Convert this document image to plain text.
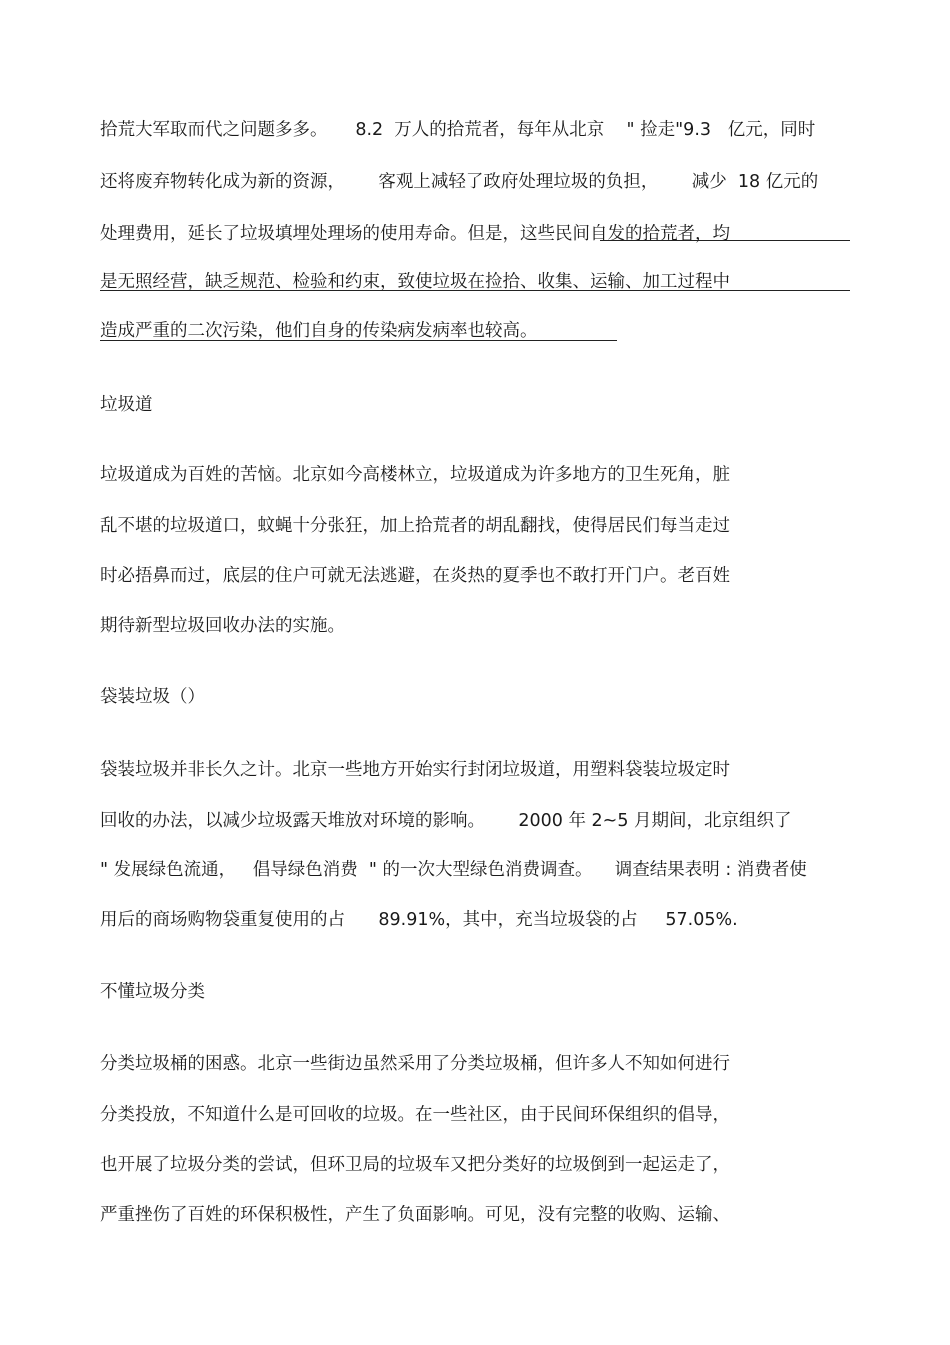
拾荒大军取而代之问题多多。     8.2  万人的拾荒者，每年从北京    " 捡走"9.3   亿元，同时
还将废弃物转化成为新的资源，      客观上减轻了政府处理垃圾的负担，      减少  18 亿元的
处理费用，延长了垃圾填埋处理场的使用寿命。但是，这些民间自发的拾荒者，均
是无照经营，缺乏规范、检验和约束，致使垃圾在捡拾、收集、运输、加工过程中
造成严重的二次污染，他们自身的传染病发病率也较高。
垃圾道
垃圾道成为百姓的苦恼。北京如今高楼林立，垃圾道成为许多地方的卫生死角，脏
乱不堪的垃圾道口，蚊蝇十分张狂，加上拾荒者的胡乱翻找，使得居民们每当走过
时必捂鼻而过，底层的住户可就无法逃避，在炎热的夏季也不敢打开门户。老百姓
期待新型垃圾回收办法的实施。
袋装垃圾（）
袋装垃圾并非长久之计。北京一些地方开始实行封闭垃圾道，用塑料袋装垃圾定时
回收的办法，以减少垃圾露天堆放对环境的影响。      2000 年 2~5 月期间，北京组织了
" 发展绿色流通，   倡导绿色消费  " 的一次大型绿色消费调查。    调查结果表明 : 消费者使
用后的商场购物袋重复使用的占      89.91%，其中，充当垃圾袋的占     57.05%.
不懂垃圾分类
分类垃圾桶的困惑。北京一些街边虽然采用了分类垃圾桶，但许多人不知如何进行
分类投放，不知道什么是可回收的垃圾。在一些社区，由于民间环保组织的倡导，
也开展了垃圾分类的尝试，但环卫局的垃圾车又把分类好的垃圾倒到一起运走了，
严重挫伤了百姓的环保积极性，产生了负面影响。可见，没有完整的收购、运输、
